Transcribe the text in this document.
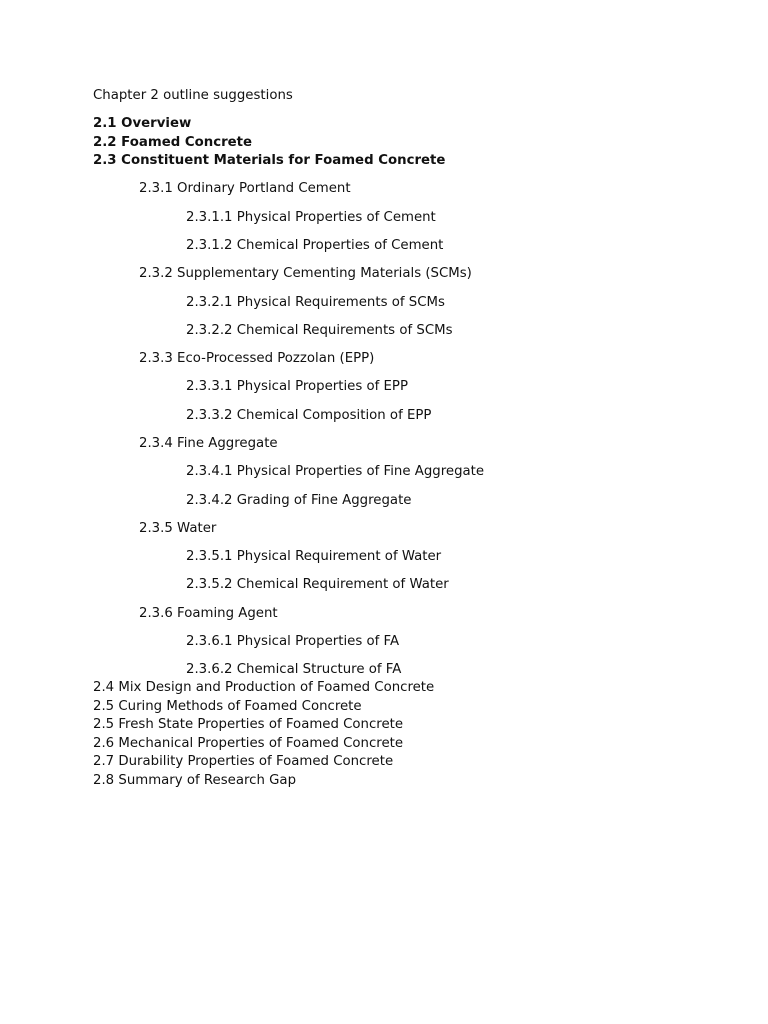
Chapter 2 outline suggestions
2.1 Overview
2.2 Foamed Concrete
2.3 Constituent Materials for Foamed Concrete
2.3.1 Ordinary Portland Cement
2.3.1.1 Physical Properties of Cement
2.3.1.2 Chemical Properties of Cement
2.3.2 Supplementary Cementing Materials (SCMs)
2.3.2.1 Physical Requirements of SCMs
2.3.2.2 Chemical Requirements of SCMs
2.3.3 Eco-Processed Pozzolan (EPP)
2.3.3.1 Physical Properties of EPP
2.3.3.2 Chemical Composition of EPP
2.3.4 Fine Aggregate
2.3.4.1 Physical Properties of Fine Aggregate
2.3.4.2 Grading of Fine Aggregate
2.3.5 Water
2.3.5.1 Physical Requirement of Water
2.3.5.2 Chemical Requirement of Water
2.3.6 Foaming Agent
2.3.6.1 Physical Properties of FA
2.3.6.2 Chemical Structure of FA
2.4 Mix Design and Production of Foamed Concrete
2.5 Curing Methods of Foamed Concrete
2.5 Fresh State Properties of Foamed Concrete
2.6 Mechanical Properties of Foamed Concrete
2.7 Durability Properties of Foamed Concrete
2.8 Summary of Research Gap
